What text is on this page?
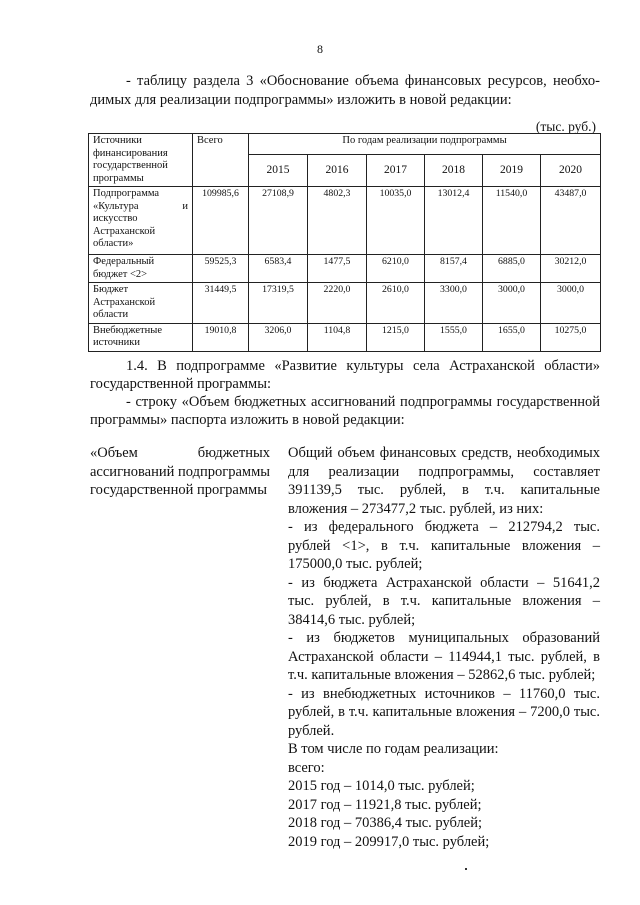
8
- таблицу раздела 3 «Обоснование объема финансовых ресурсов, необхо-
димых для реализации подпрограммы» изложить в новой редакции:
(тыс. руб.)
Источники финансирования государственной программы	Всего	По годам реализации подпрограммы					
		2015	2016	2017	2018	2019	2020
Подпрограмма «Культура и искусство Астраханской области»	109985,6	27108,9	4802,3	10035,0	13012,4	11540,0	43487,0
Федеральный бюджет <2>	59525,3	6583,4	1477,5	6210,0	8157,4	6885,0	30212,0
Бюджет Астраханской области	31449,5	17319,5	2220,0	2610,0	3300,0	3000,0	3000,0
Внебюджетные источники	19010,8	3206,0	1104,8	1215,0	1555,0	1655,0	10275,0
1.4. В подпрограмме «Развитие культуры села Астраханской области» государственной программы:
- строку «Объем бюджетных ассигнований подпрограммы государственной программы» паспорта изложить в новой редакции:
«Объем бюджетных ассигнований подпрограммы государственной программы
Общий объем финансовых средств, необходимых для реализации подпрограммы, составляет 391139,5 тыс. рублей, в т.ч. капитальные вложения – 273477,2 тыс. рублей, из них:
- из федерального бюджета – 212794,2 тыс. рублей <1>, в т.ч. капитальные вложения – 175000,0 тыс. рублей;
- из бюджета Астраханской области – 51641,2 тыс. рублей, в т.ч. капитальные вложения – 38414,6 тыс. рублей;
- из бюджетов муниципальных образований Астраханской области – 114944,1 тыс. рублей, в т.ч. капитальные вложения – 52862,6 тыс. рублей;
- из внебюджетных источников – 11760,0 тыс. рублей, в т.ч. капитальные вложения – 7200,0 тыс. рублей.
В том числе по годам реализации:
всего:
2015 год – 1014,0 тыс. рублей;
2017 год – 11921,8 тыс. рублей;
2018 год – 70386,4 тыс. рублей;
2019 год – 209917,0 тыс. рублей;
